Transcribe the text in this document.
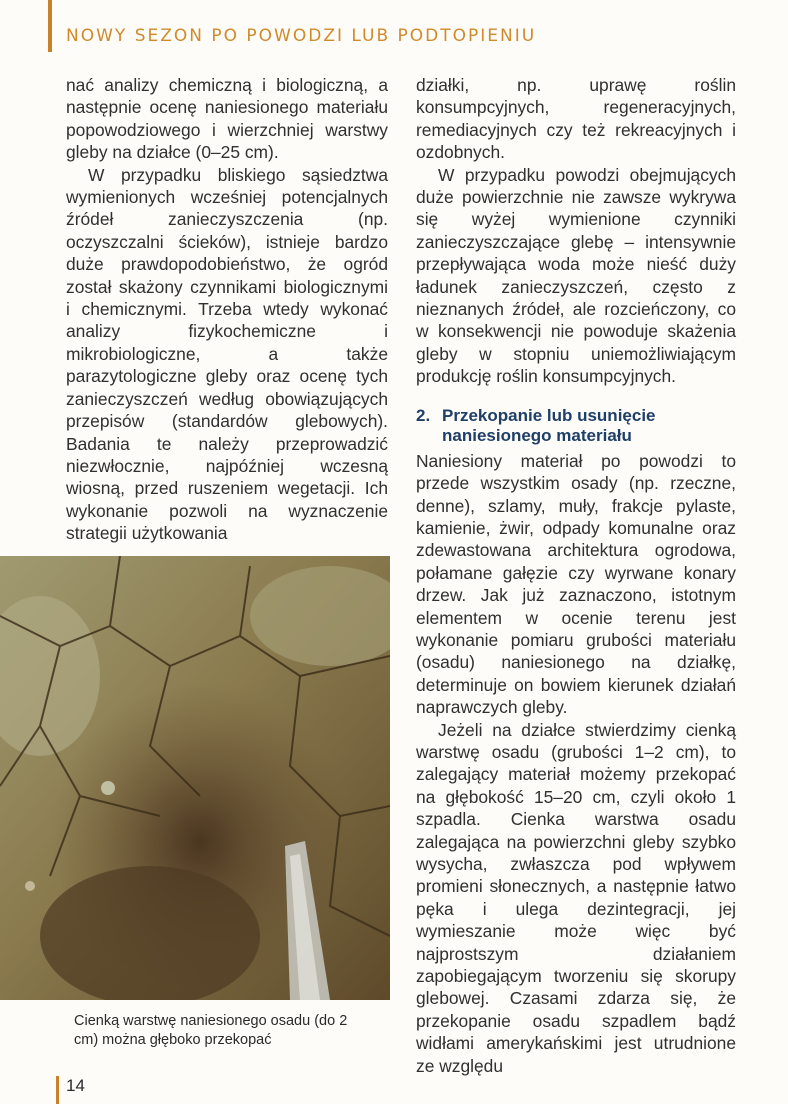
NOWY SEZON PO POWODZI LUB PODTOPIENIU

nać analizy chemiczną i biologiczną, a następnie ocenę naniesionego materiału popowodziowego i wierzchniej warstwy gleby na działce (0–25 cm).

W przypadku bliskiego sąsiedztwa wymienionych wcześniej potencjalnych źródeł zanieczyszczenia (np. oczyszczalni ścieków), istnieje bardzo duże prawdopodobieństwo, że ogród został skażony czynnikami biologicznymi i chemicznymi. Trzeba wtedy wykonać analizy fizykochemiczne i mikrobiologiczne, a także parazytologiczne gleby oraz ocenę tych zanieczyszczeń według obowiązujących przepisów (standardów glebowych). Badania te należy przeprowadzić niezwłocznie, najpóźniej wczesną wiosną, przed ruszeniem wegetacji. Ich wykonanie pozwoli na wyznaczenie strategii użytkowania

działki, np. uprawę roślin konsumpcyjnych, regeneracyjnych, remediacyjnych czy też rekreacyjnych i ozdobnych.

W przypadku powodzi obejmujących duże powierzchnie nie zawsze wykrywa się wyżej wymienione czynniki zanieczyszczające glebę – intensywnie przepływająca woda może nieść duży ładunek zanieczyszczeń, często z nieznanych źródeł, ale rozcieńczony, co w konsekwencji nie powoduje skażenia gleby w stopniu uniemożliwiającym produkcję roślin konsumpcyjnych.

2. Przekopanie lub usunięcie naniesionego materiału

Naniesiony materiał po powodzi to przede wszystkim osady (np. rzeczne, denne), szlamy, muły, frakcje pylaste, kamienie, żwir, odpady komunalne oraz zdewastowana architektura ogrodowa, połamane gałęzie czy wyrwane konary drzew. Jak już zaznaczono, istotnym elementem w ocenie terenu jest wykonanie pomiaru grubości materiału (osadu) naniesionego na działkę, determinuje on bowiem kierunek działań naprawczych gleby.

Jeżeli na działce stwierdzimy cienką warstwę osadu (grubości 1–2 cm), to zalegający materiał możemy przekopać na głębokość 15–20 cm, czyli około 1 szpadla. Cienka warstwa osadu zalegająca na powierzchni gleby szybko wysycha, zwłaszcza pod wpływem promieni słonecznych, a następnie łatwo pęka i ulega dezintegracji, jej wymieszanie może więc być najprostszym działaniem zapobiegającym tworzeniu się skorupy glebowej. Czasami zdarza się, że przekopanie osadu szpadlem bądź widłami amerykańskimi jest utrudnione ze względu

Cienką warstwę naniesionego osadu (do 2 cm) można głęboko przekopać

14
